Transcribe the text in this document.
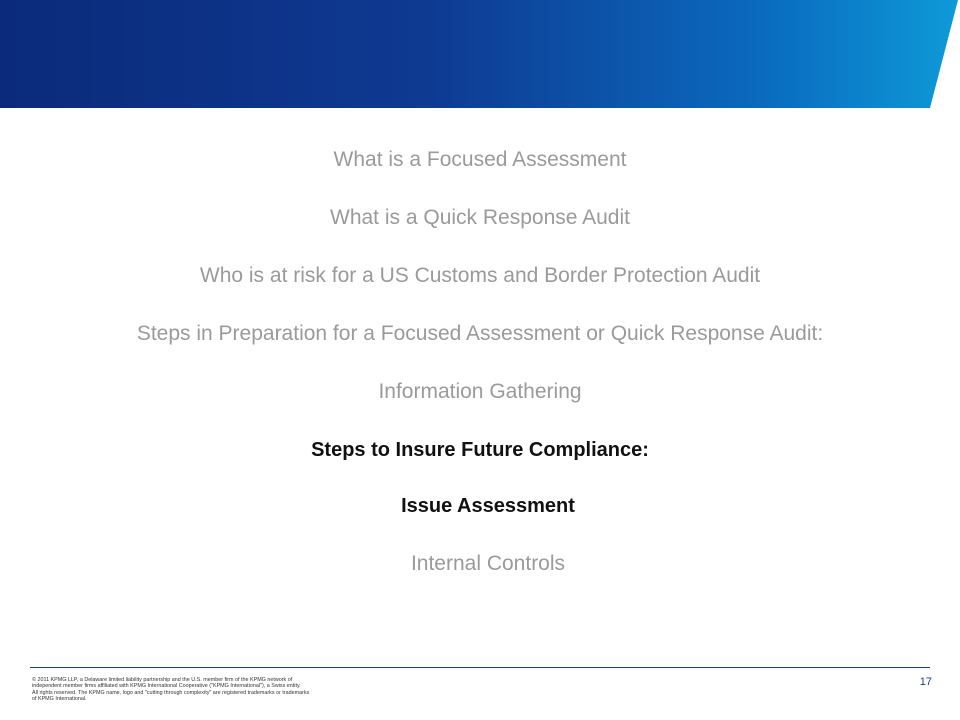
What is a Focused Assessment
What is a Quick Response Audit
Who is at risk for a US Customs and Border Protection Audit
Steps in Preparation for a Focused Assessment or Quick Response Audit:
Information Gathering
Steps to Insure Future Compliance:
Issue Assessment
Internal Controls
© 2011 KPMG LLP, a Delaware limited liability partnership and the U.S. member firm of the KPMG network of
independent member firms affiliated with KPMG International Cooperative ("KPMG International"), a Swiss entity.
All rights reserved. The KPMG name, logo and "cutting through complexity" are registered trademarks or trademarks
of KPMG International.
17
